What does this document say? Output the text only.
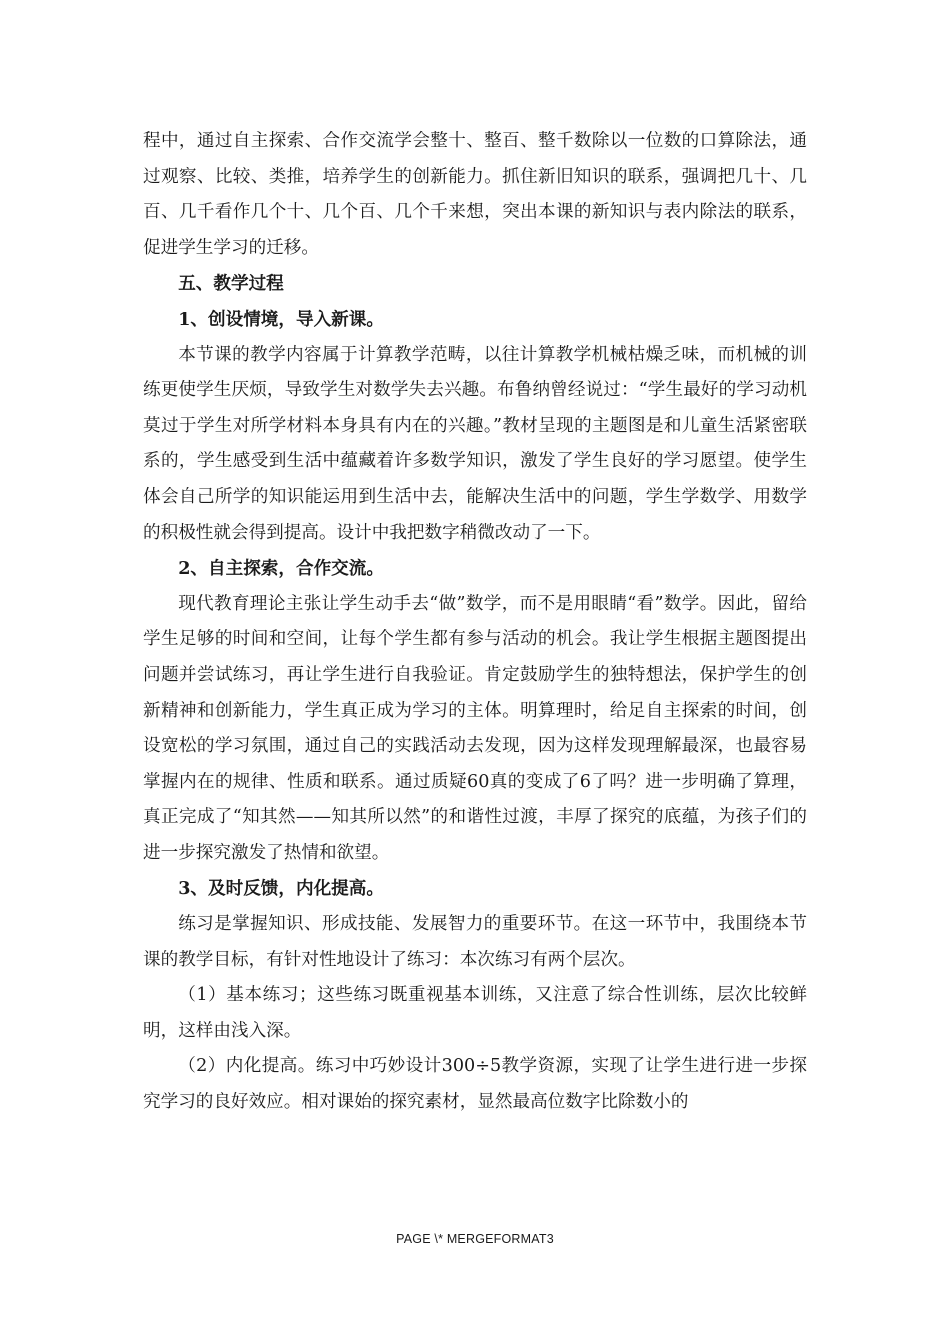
程中，通过自主探索、合作交流学会整十、整百、整千数除以一位数的口算除法，通过观察、比较、类推，培养学生的创新能力。抓住新旧知识的联系，强调把几十、几百、几千看作几个十、几个百、几个千来想，突出本课的新知识与表内除法的联系，促进学生学习的迁移。

五、教学过程

1、创设情境，导入新课。

本节课的教学内容属于计算教学范畴，以往计算教学机械枯燥乏味，而机械的训练更使学生厌烦，导致学生对数学失去兴趣。布鲁纳曾经说过：“学生最好的学习动机莫过于学生对所学材料本身具有内在的兴趣。”教材呈现的主题图是和儿童生活紧密联系的，学生感受到生活中蕴藏着许多数学知识，激发了学生良好的学习愿望。使学生体会自己所学的知识能运用到生活中去，能解决生活中的问题，学生学数学、用数学的积极性就会得到提高。设计中我把数字稍微改动了一下。

2、自主探索，合作交流。

现代教育理论主张让学生动手去“做”数学，而不是用眼睛“看”数学。因此，留给学生足够的时间和空间，让每个学生都有参与活动的机会。我让学生根据主题图提出问题并尝试练习，再让学生进行自我验证。肯定鼓励学生的独特想法，保护学生的创新精神和创新能力，学生真正成为学习的主体。明算理时，给足自主探索的时间，创设宽松的学习氛围，通过自己的实践活动去发现，因为这样发现理解最深，也最容易掌握内在的规律、性质和联系。通过质疑60真的变成了6了吗？进一步明确了算理，真正完成了“知其然——知其所以然”的和谐性过渡，丰厚了探究的底蕴，为孩子们的进一步探究激发了热情和欲望。

3、及时反馈，内化提高。

练习是掌握知识、形成技能、发展智力的重要环节。在这一环节中，我围绕本节课的教学目标，有针对性地设计了练习：本次练习有两个层次。

（1）基本练习；这些练习既重视基本训练，又注意了综合性训练，层次比较鲜明，这样由浅入深。

（2）内化提高。练习中巧妙设计300÷5教学资源，实现了让学生进行进一步探究学习的良好效应。相对课始的探究素材，显然最高位数字比除数小的

PAGE \* MERGEFORMAT3
